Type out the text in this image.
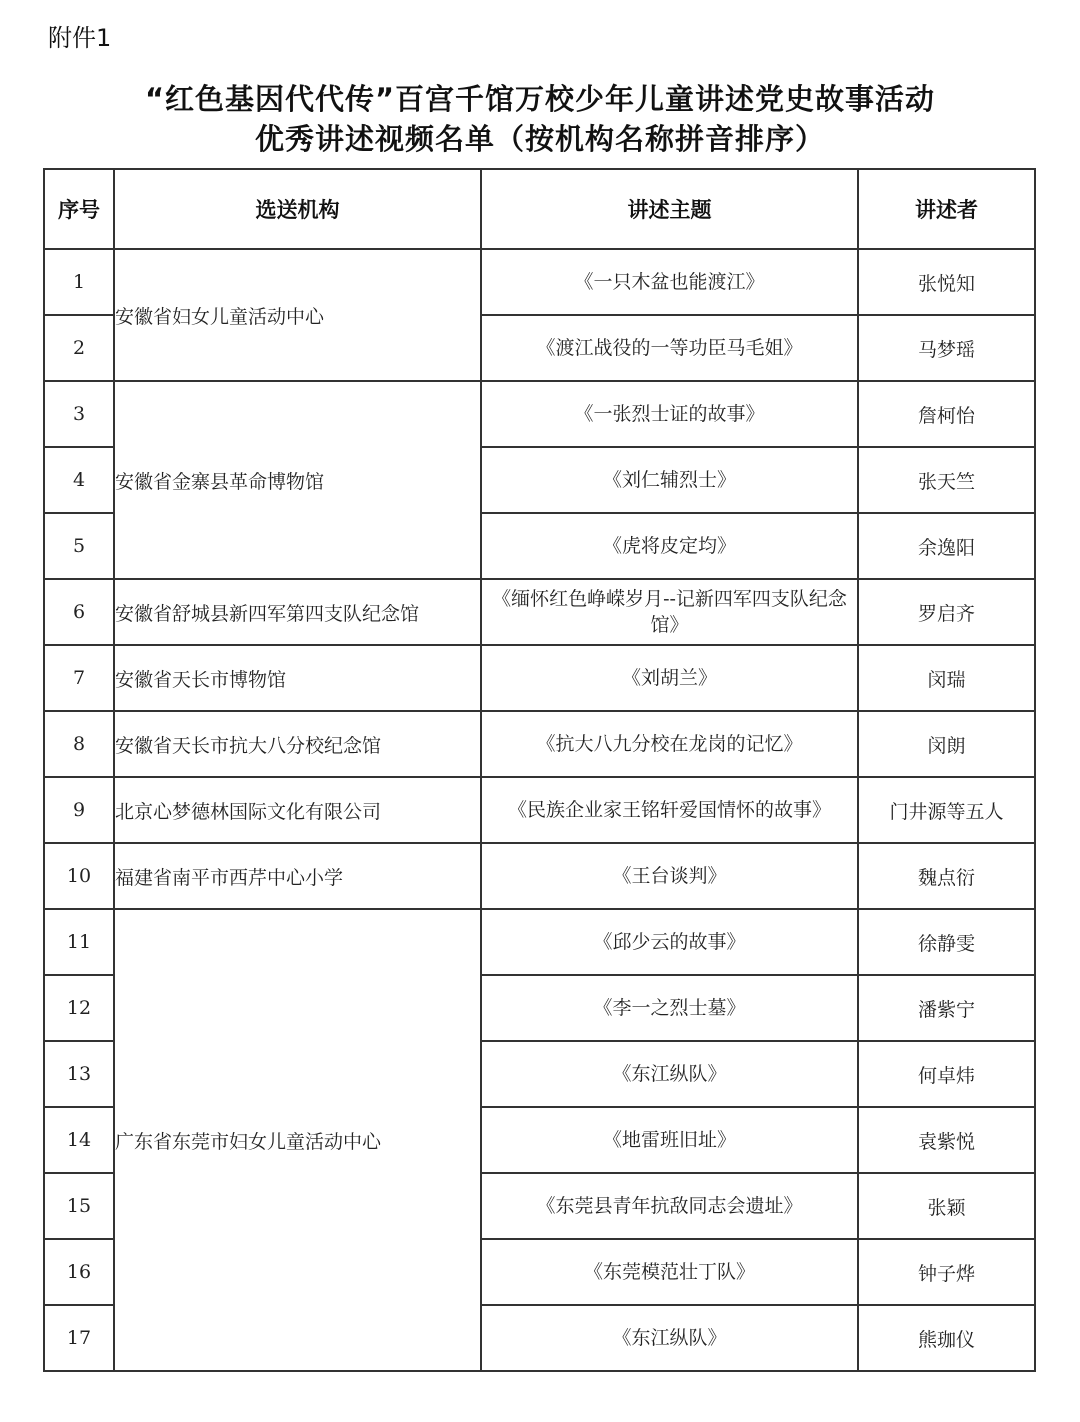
附件1
“红色基因代代传”百宫千馆万校少年儿童讲述党史故事活动
优秀讲述视频名单（按机构名称拼音排序）
序号	选送机构	讲述主题	讲述者
1	安徽省妇女儿童活动中心	《一只木盆也能渡江》	张悦知
2		《渡江战役的一等功臣马毛姐》	马梦瑶
3	安徽省金寨县革命博物馆	《一张烈士证的故事》	詹柯怡
4		《刘仁辅烈士》	张天竺
5		《虎将皮定均》	余逸阳
6	安徽省舒城县新四军第四支队纪念馆	《缅怀红色峥嵘岁月--记新四军四支队纪念馆》	罗启齐
7	安徽省天长市博物馆	《刘胡兰》	闵瑞
8	安徽省天长市抗大八分校纪念馆	《抗大八九分校在龙岗的记忆》	闵朗
9	北京心梦德林国际文化有限公司	《民族企业家王铭轩爱国情怀的故事》	门井源等五人
10	福建省南平市西芹中心小学	《王台谈判》	魏点衍
11	广东省东莞市妇女儿童活动中心	《邱少云的故事》	徐静雯
12		《李一之烈士墓》	潘紫宁
13		《东江纵队》	何卓炜
14		《地雷班旧址》	袁紫悦
15		《东莞县青年抗敌同志会遗址》	张颖
16		《东莞模范壮丁队》	钟子烨
17		《东江纵队》	熊珈仪
